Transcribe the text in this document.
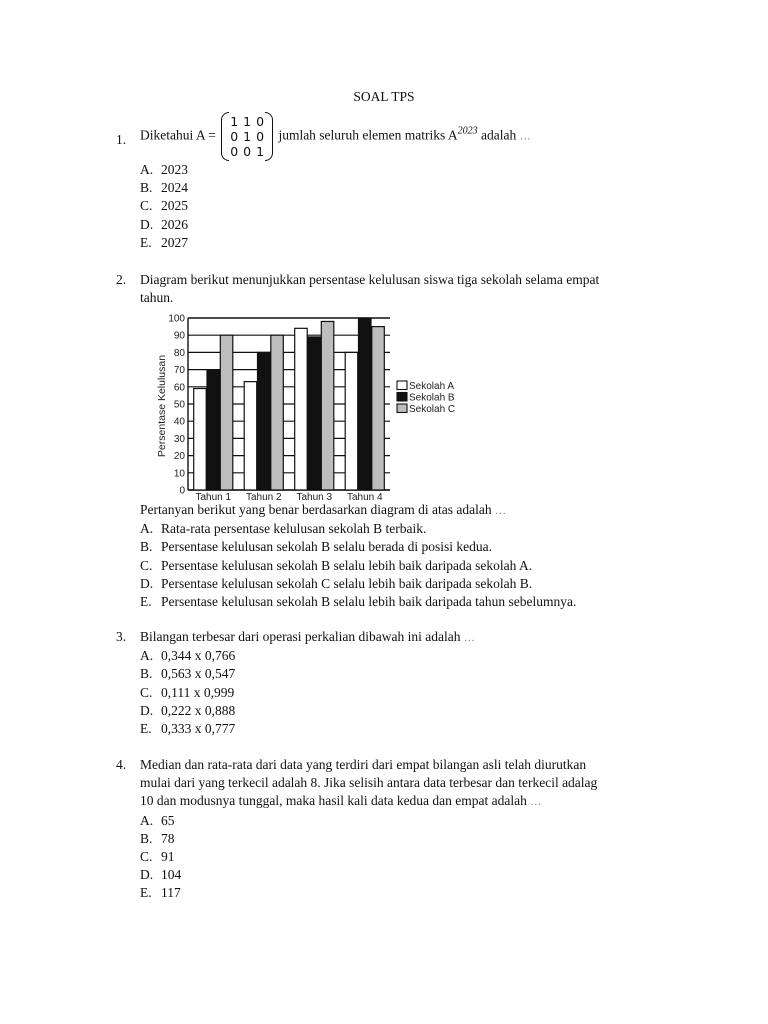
SOAL TPS
1. Diketahui A =
1 1 0
0 1 0
0 0 1
jumlah seluruh elemen matriks $A^{2023}$ adalah …
A. 2023
B. 2024
C. 2025
D. 2026
E. 2027
2. Diagram berikut menunjukkan persentase kelulusan siswa tiga sekolah selama empat
tahun.
0
10
20
30
40
50
60
70
80
90
100
Tahun 1 Tahun 2 Tahun 3 Tahun 4
Persentase Kelulusan	Sekolah A
Sekolah B
Sekolah C
Pertanyan berikut yang benar berdasarkan diagram di atas adalah …
A. Rata-rata persentase kelulusan sekolah B terbaik.
B. Persentase kelulusan sekolah B selalu berada di posisi kedua.
C. Persentase kelulusan sekolah B selalu lebih baik daripada sekolah A.
D. Persentase kelulusan sekolah C selalu lebih baik daripada sekolah B.
E. Persentase kelulusan sekolah B selalu lebih baik daripada tahun sebelumnya.
3. Bilangan terbesar dari operasi perkalian dibawah ini adalah …
A. 0,344 x 0,766
B. 0,563 x 0,547
C. 0,111 x 0,999
D. 0,222 x 0,888
E. 0,333 x 0,777
4. Median dan rata-rata dari data yang terdiri dari empat bilangan asli telah diurutkan
mulai dari yang terkecil adalah 8. Jika selisih antara data terbesar dan terkecil adalag
10 dan modusnya tunggal, maka hasil kali data kedua dan empat adalah …
A. 65
B. 78
C. 91
D. 104
E. 117
